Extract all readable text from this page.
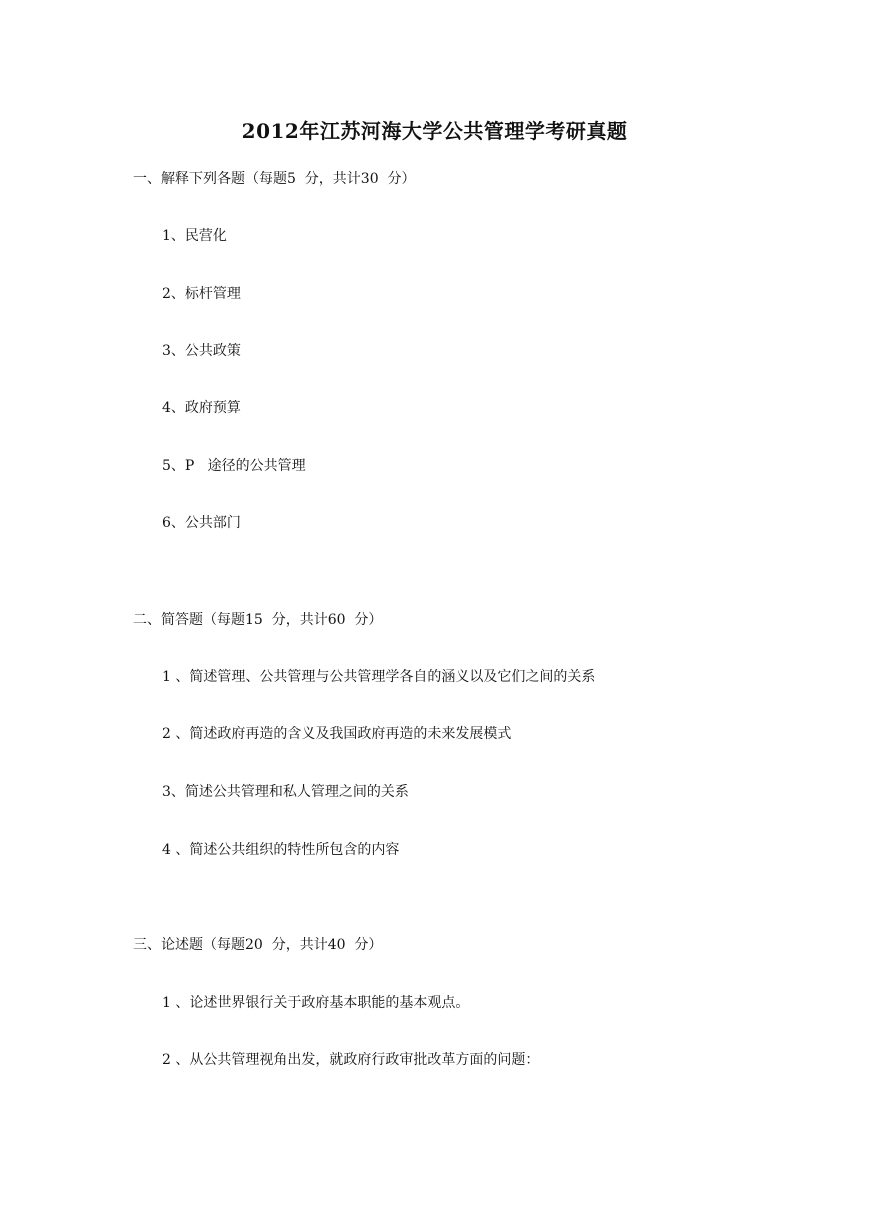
2012年江苏河海大学公共管理学考研真题
一、解释下列各题（每题5  分，共计30  分）
1、民营化
2、标杆管理
3、公共政策
4、政府预算
5、P   途径的公共管理
6、公共部门
二、简答题（每题15  分，共计60  分）
1 、简述管理、公共管理与公共管理学各自的涵义以及它们之间的关系
2 、简述政府再造的含义及我国政府再造的未来发展模式
3、简述公共管理和私人管理之间的关系
4 、简述公共组织的特性所包含的内容
三、论述题（每题20  分，共计40  分）
1 、论述世界银行关于政府基本职能的基本观点。
2 、从公共管理视角出发，就政府行政审批改革方面的问题：
